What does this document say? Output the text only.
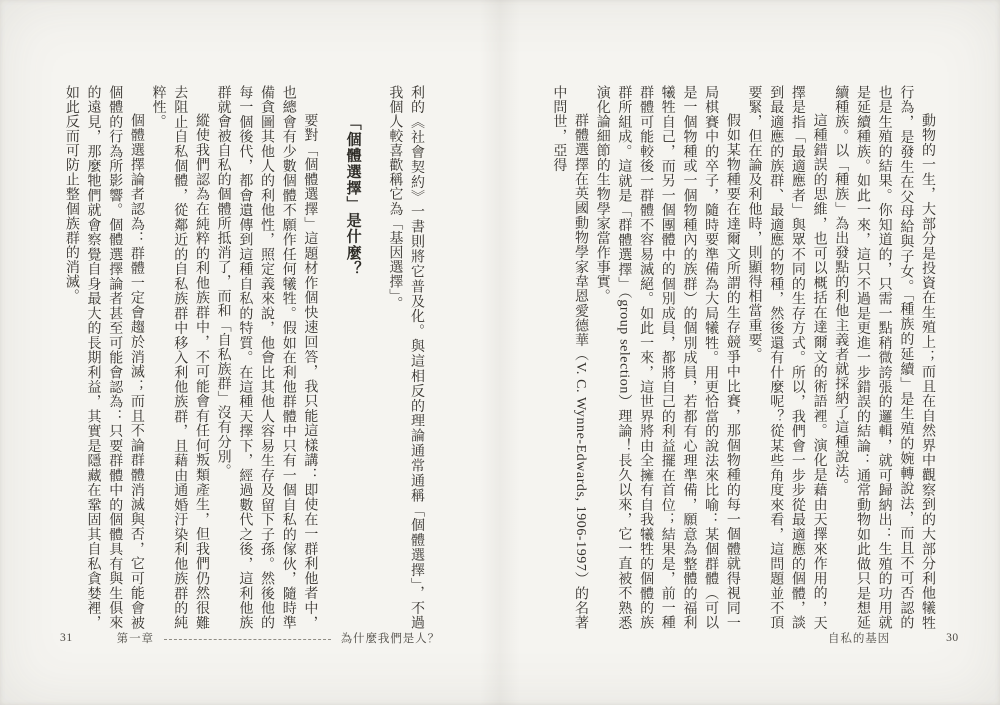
利的《社會契約》一書則將它普及化。與這相反的理論通常通稱「個體選擇」，不過我個人較喜歡稱它為「基因選擇」。

「個體選擇」是什麼？

要對「個體選擇」這題材作個快速回答，我只能這樣講：即使在一群利他者中，也總會有少數個體不願作任何犧牲。假如在利他群體中只有一個自私的傢伙，隨時準備貪圖其他人的利他性，照定義來說，他會比其他人容易生存及留下子孫。然後他的每一個後代，都會遺傳到這種自私的特質。在這種天擇下，經過數代之後，這利他族群就會被自私的個體所抵消了，而和「自私族群」沒有分別。

縱使我們認為在純粹的利他族群中，不可能會有任何叛類產生，但我們仍然很難去阻止自私個體，從鄰近的自私族群中移入利他族群，且藉由通婚汙染利他族群的純粹性。

個體選擇論者認為：群體一定會趨於消滅；而且不論群體消滅與否，它可能會被個體的行為所影響。個體選擇論者甚至可能會認為：只要群體中的個體具有與生俱來的遠見，那麼牠們就會察覺自身最大的長期利益，其實是隱藏在鞏固其自私貪婪裡，如此反而可防止整個族群的消滅。

31	第一章	為什麼我們是人？

動物的一生，大部分是投資在生殖上；而且在自然界中觀察到的大部分利他犧牲行為，是發生在父母給與子女。「種族的延續」是生殖的婉轉說法，而且不可否認的也是生殖的結果。你知道的，只需一點稍微誇張的邏輯，就可歸納出：生殖的功用就是延續種族。如此一來，這只不過是更進一步錯誤的結論：通常動物如此做只是想延續種族。以「種族」為出發點的利他主義者就採納了這種說法。

這種錯誤的思維，也可以概括在達爾文的術語裡。演化是藉由天擇來作用的，天擇是指「最適應者」與眾不同的生存方式。所以，我們會一步步從最適應的個體，談到最適應的族群、最適應的物種，然後還有什麼呢？從某些角度來看，這問題並不頂要緊，但在論及利他時，則顯得相當重要。

假如某物種要在達爾文所謂的生存競爭中比賽，那個物種的每一個體就得視同一局棋賽中的卒子，隨時要準備為大局犧牲。用更恰當的說法來比喻：某個群體（可以是一個物種或一個物種內的族群）的個別成員，若都有心理準備，願意為整體的福利犧牲自己，而另一個團體中的個別成員，都將自己的利益擺在首位；結果是，前一種群體可能較後一群體不容易滅絕。如此一來，這世界將由全擁有自我犧牲的個體的族群所組成。這就是「群體選擇」（group selection）理論！長久以來，它一直被不熟悉演化論細節的生物學家當作事實。

群體選擇在英國動物學家韋恩愛德華（V. C. Wynne-Edwards, 1906-1997）的名著中問世，亞得

自私的基因	30
